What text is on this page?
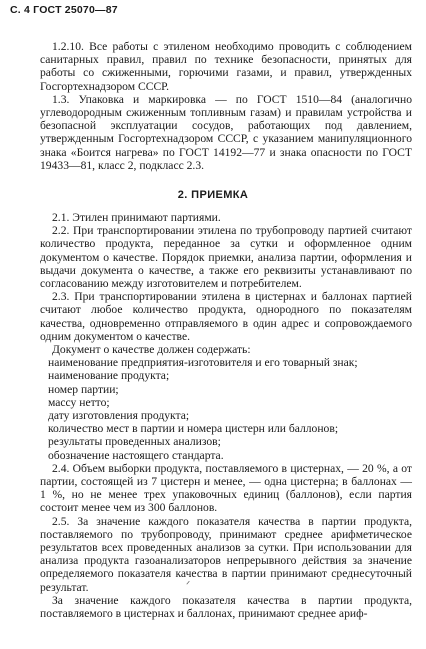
С. 4 ГОСТ 25070—87

1.2.10. Все работы с этиленом необходимо проводить с соблюдением санитарных правил, правил по технике безопасности, принятых для работы со сжиженными, горючими газами, и правил, утвержденных Госгортехнадзором СССР.

1.3. Упаковка и маркировка — по ГОСТ 1510—84 (аналогично углеводородным сжиженным топливным газам) и правилам устройства и безопасной эксплуатации сосудов, работающих под давлением, утвержденным Госгортехнадзором СССР, с указанием манипуляционного знака «Боится нагрева» по ГОСТ 14192—77 и знака опасности по ГОСТ 19433—81, класс 2, подкласс 2.3.

2. ПРИЕМКА

2.1. Этилен принимают партиями.

2.2. При транспортировании этилена по трубопроводу партией считают количество продукта, переданное за сутки и оформленное одним документом о качестве. Порядок приемки, анализа партии, оформления и выдачи документа о качестве, а также его реквизиты устанавливают по согласованию между изготовителем и потребителем.

2.3. При транспортировании этилена в цистернах и баллонах партией считают любое количество продукта, однородного по показателям качества, одновременно отправляемого в один адрес и сопровождаемого одним документом о качестве.

Документ о качестве должен содержать:

наименование предприятия-изготовителя и его товарный знак;

наименование продукта;

номер партии;

массу нетто;

дату изготовления продукта;

количество мест в партии и номера цистерн или баллонов;

результаты проведенных анализов;

обозначение настоящего стандарта.

2.4. Объем выборки продукта, поставляемого в цистернах, — 20 %, а от партии, состоящей из 7 цистерн и менее, — одна цистерна; в баллонах — 1 %, но не менее трех упаковочных единиц (баллонов), если партия состоит менее чем из 300 баллонов.

2.5. За значение каждого показателя качества в партии продукта, поставляемого по трубопроводу, принимают среднее арифметическое результатов всех проведенных анализов за сутки. При использовании для анализа продукта газоанализаторов непрерывного действия за значение определяемого показателя качества в партии принимают среднесуточный результат.

За значение каждого показателя качества в партии продукта, поставляемого в цистернах и баллонах, принимают среднее ариф-

ᐟ
